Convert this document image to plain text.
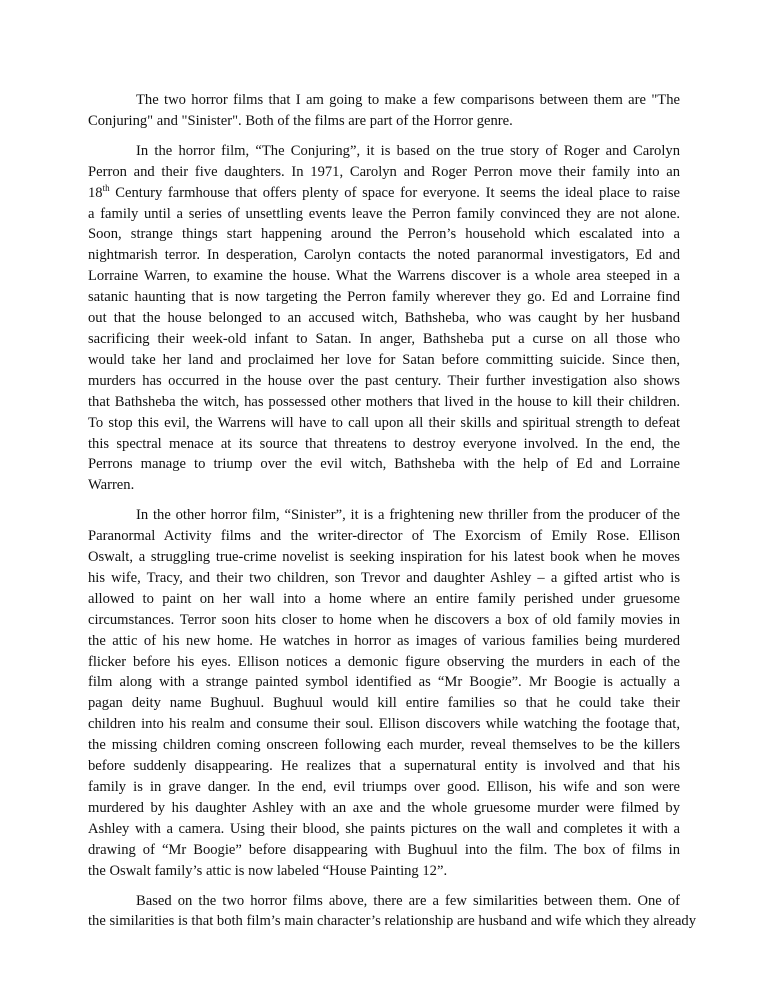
The two horror films that I am going to make a few comparisons between them are "The
Conjuring" and "Sinister". Both of the films are part of the Horror genre.

In the horror film, “The Conjuring”, it is based on the true story of Roger and Carolyn
Perron and their five daughters. In 1971, Carolyn and Roger Perron move their family into an
18th Century farmhouse that offers plenty of space for everyone. It seems the ideal place to raise
a family until a series of unsettling events leave the Perron family convinced they are not alone.
Soon, strange things start happening around the Perron’s household which escalated into a
nightmarish terror. In desperation, Carolyn contacts the noted paranormal investigators, Ed and
Lorraine Warren, to examine the house. What the Warrens discover is a whole area steeped in a
satanic haunting that is now targeting the Perron family wherever they go. Ed and Lorraine find
out that the house belonged to an accused witch, Bathsheba, who was caught by her husband
sacrificing their week-old infant to Satan. In anger, Bathsheba put a curse on all those who
would take her land and proclaimed her love for Satan before committing suicide. Since then,
murders has occurred in the house over the past century. Their further investigation also shows
that Bathsheba the witch, has possessed other mothers that lived in the house to kill their children.
To stop this evil, the Warrens will have to call upon all their skills and spiritual strength to defeat
this spectral menace at its source that threatens to destroy everyone involved. In the end, the
Perrons manage to triump over the evil witch, Bathsheba with the help of Ed and Lorraine
Warren.

In the other horror film, “Sinister”, it is a frightening new thriller from the producer of the
Paranormal Activity films and the writer-director of The Exorcism of Emily Rose. Ellison
Oswalt, a struggling true-crime novelist is seeking inspiration for his latest book when he moves
his wife, Tracy, and their two children, son Trevor and daughter Ashley – a gifted artist who is
allowed to paint on her wall into a home where an entire family perished under gruesome
circumstances. Terror soon hits closer to home when he discovers a box of old family movies in
the attic of his new home. He watches in horror as images of various families being murdered
flicker before his eyes. Ellison notices a demonic figure observing the murders in each of the
film along with a strange painted symbol identified as “Mr Boogie”. Mr Boogie is actually a
pagan deity name Bughuul. Bughuul would kill entire families so that he could take their
children into his realm and consume their soul. Ellison discovers while watching the footage that,
the missing children coming onscreen following each murder, reveal themselves to be the killers
before suddenly disappearing. He realizes that a supernatural entity is involved and that his
family is in grave danger. In the end, evil triumps over good. Ellison, his wife and son were
murdered by his daughter Ashley with an axe and the whole gruesome murder were filmed by
Ashley with a camera. Using their blood, she paints pictures on the wall and completes it with a
drawing of “Mr Boogie” before disappearing with Bughuul into the film. The box of films in
the Oswalt family’s attic is now labeled “House Painting 12”.

Based on the two horror films above, there are a few similarities between them. One of
the similarities is that both film’s main character’s relationship are husband and wife which they already
